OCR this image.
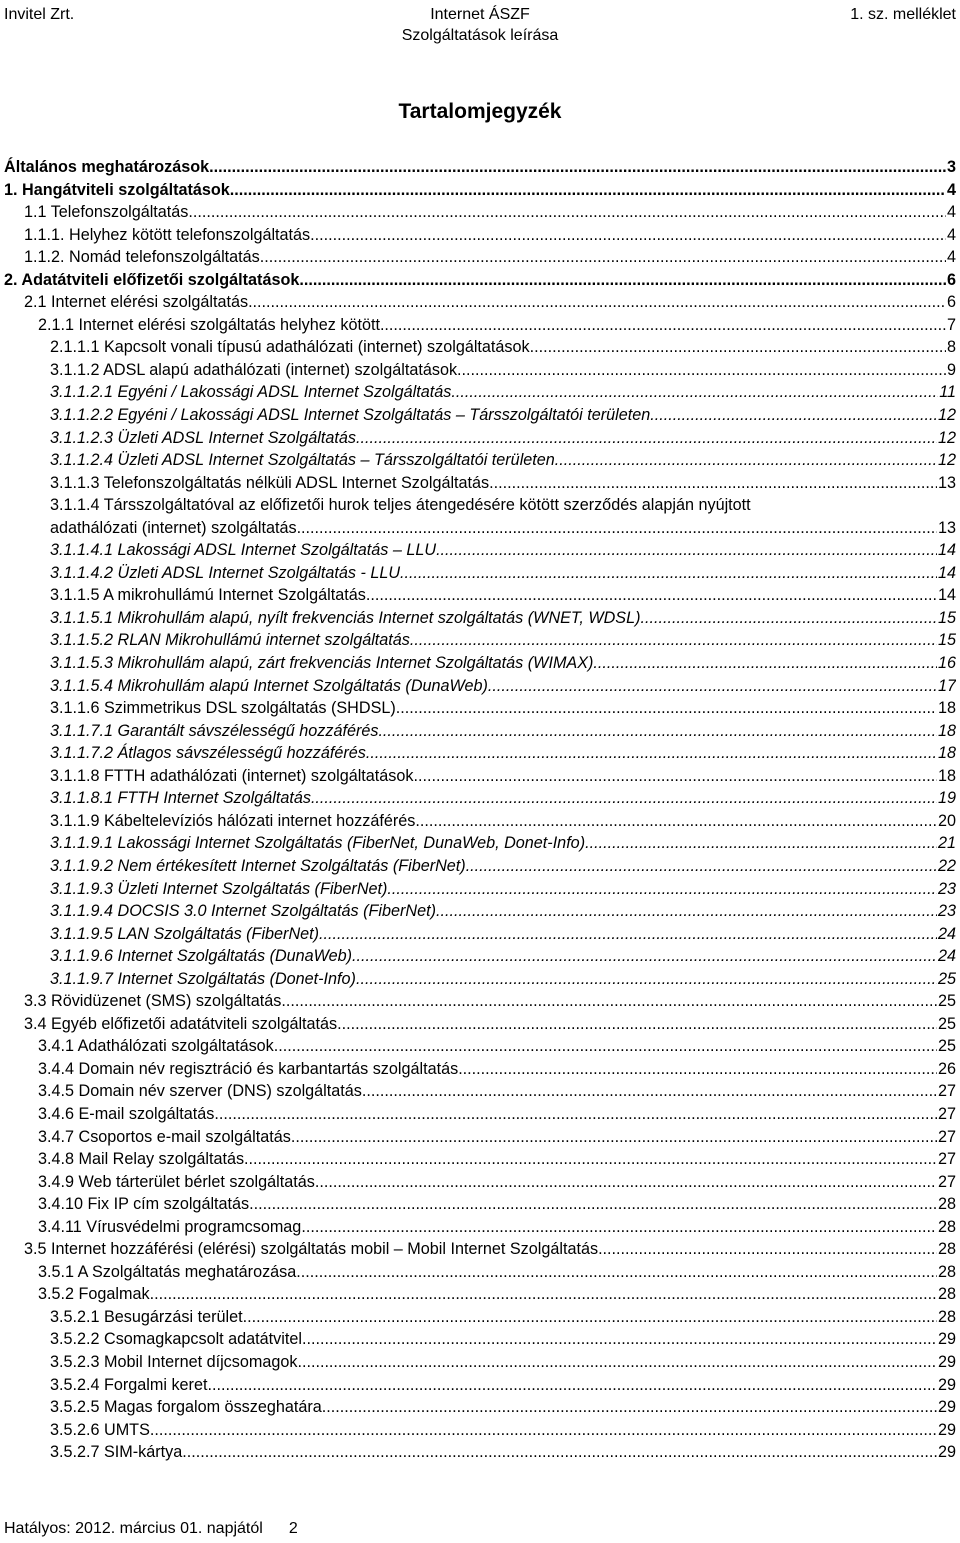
Invitel Zrt.	Internet ÁSZF
Szolgáltatások leírása
1. sz. melléklet
Tartalomjegyzék
Általános meghatározások .....	3
1. Hangátviteli szolgáltatások .....	4
1.1 Telefonszolgáltatás .....	4
1.1.1. Helyhez kötött telefonszolgáltatás .....	4
1.1.2. Nomád telefonszolgáltatás .....	4
2. Adatátviteli előfizetői szolgáltatások .....	6
2.1 Internet elérési szolgáltatás .....	6
2.1.1 Internet elérési szolgáltatás helyhez kötött .....	7
2.1.1.1 Kapcsolt vonali típusú adathálózati (internet) szolgáltatások .....	8
3.1.1.2 ADSL alapú adathálózati (internet) szolgáltatások .....	9
3.1.1.2.1 Egyéni / Lakossági ADSL Internet Szolgáltatás .....	11
3.1.1.2.2 Egyéni / Lakossági ADSL Internet Szolgáltatás – Társszolgáltatói területen .....	12
3.1.1.2.3 Üzleti ADSL Internet Szolgáltatás .....	12
3.1.1.2.4 Üzleti ADSL Internet Szolgáltatás – Társszolgáltatói területen .....	12
3.1.1.3 Telefonszolgáltatás nélküli ADSL Internet Szolgáltatás .....	13
3.1.1.4 Társszolgáltatóval az előfizetői hurok teljes átengedésére kötött szerződés alapján nyújtott
adathálózati (internet) szolgáltatás .....	13
3.1.1.4.1 Lakossági ADSL Internet Szolgáltatás – LLU .....	14
3.1.1.4.2 Üzleti ADSL Internet Szolgáltatás - LLU .....	14
3.1.1.5 A mikrohullámú Internet Szolgáltatás .....	14
3.1.1.5.1 Mikrohullám alapú, nyílt frekvenciás Internet szolgáltatás (WNET, WDSL) .....	15
3.1.1.5.2 RLAN Mikrohullámú internet szolgáltatás .....	15
3.1.1.5.3 Mikrohullám alapú, zárt frekvenciás Internet Szolgáltatás (WIMAX) .....	16
3.1.1.5.4 Mikrohullám alapú Internet Szolgáltatás (DunaWeb) .....	17
3.1.1.6 Szimmetrikus DSL szolgáltatás (SHDSL) .....	18
3.1.1.7.1 Garantált sávszélességű hozzáférés .....	18
3.1.1.7.2 Átlagos sávszélességű hozzáférés .....	18
3.1.1.8 FTTH adathálózati (internet) szolgáltatások .....	18
3.1.1.8.1 FTTH Internet Szolgáltatás .....	19
3.1.1.9 Kábeltelevíziós hálózati internet hozzáférés .....	20
3.1.1.9.1 Lakossági Internet Szolgáltatás (FiberNet, DunaWeb, Donet-Info) .....	21
3.1.1.9.2 Nem értékesített Internet Szolgáltatás (FiberNet) .....	22
3.1.1.9.3 Üzleti Internet Szolgáltatás (FiberNet) .....	23
3.1.1.9.4 DOCSIS 3.0 Internet Szolgáltatás (FiberNet) .....	23
3.1.1.9.5 LAN Szolgáltatás (FiberNet) .....	24
3.1.1.9.6 Internet Szolgáltatás (DunaWeb) .....	24
3.1.1.9.7 Internet Szolgáltatás (Donet-Info) .....	25
3.3 Rövidüzenet (SMS) szolgáltatás .....	25
3.4 Egyéb előfizetői adatátviteli szolgáltatás .....	25
3.4.1 Adathálózati szolgáltatások .....	25
3.4.4 Domain név regisztráció és karbantartás szolgáltatás .....	26
3.4.5 Domain név szerver (DNS) szolgáltatás .....	27
3.4.6 E-mail szolgáltatás .....	27
3.4.7 Csoportos e-mail szolgáltatás .....	27
3.4.8 Mail Relay szolgáltatás .....	27
3.4.9 Web tárterület bérlet szolgáltatás .....	27
3.4.10 Fix IP cím szolgáltatás .....	28
3.4.11 Vírusvédelmi programcsomag .....	28
3.5 Internet hozzáférési (elérési) szolgáltatás mobil – Mobil Internet Szolgáltatás .....	28
3.5.1 A Szolgáltatás meghatározása .....	28
3.5.2 Fogalmak .....	28
3.5.2.1 Besugárzási terület .....	28
3.5.2.2 Csomagkapcsolt adatátvitel .....	29
3.5.2.3 Mobil Internet díjcsomagok .....	29
3.5.2.4 Forgalmi keret .....	29
3.5.2.5 Magas forgalom összeghatára .....	29
3.5.2.6 UMTS .....	29
3.5.2.7 SIM-kártya .....	29
Hatályos: 2012. március 01. napjától 2
